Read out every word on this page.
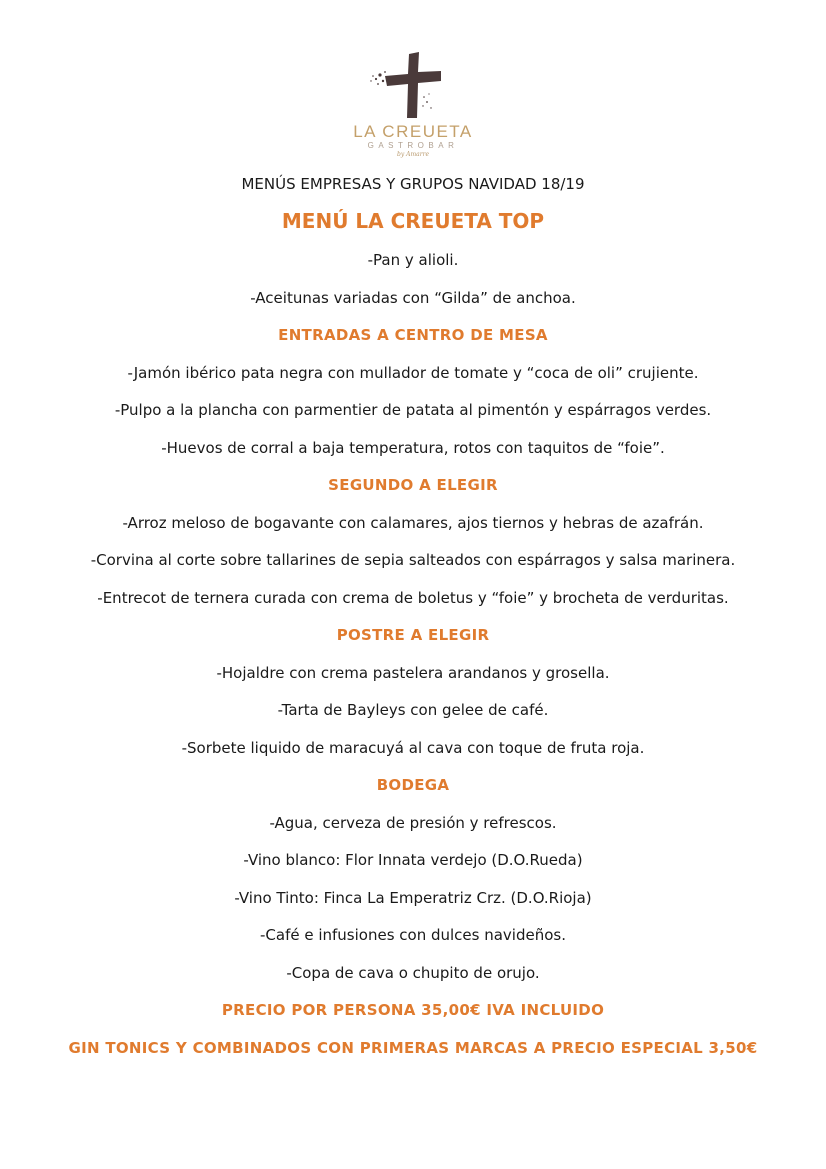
LA CREUETA
GASTROBAR
by Amarre
MENÚS EMPRESAS Y GRUPOS NAVIDAD 18/19
MENÚ LA CREUETA TOP
-Pan y alioli.
-Aceitunas variadas con “Gilda” de anchoa.
ENTRADAS A CENTRO DE MESA
-Jamón ibérico pata negra con mullador de tomate y “coca de oli” crujiente.
-Pulpo a la plancha con parmentier de patata al pimentón y espárragos verdes.
-Huevos de corral a baja temperatura, rotos con taquitos de “foie”.
SEGUNDO A ELEGIR
-Arroz meloso de bogavante con calamares, ajos tiernos y hebras de azafrán.
-Corvina al corte sobre tallarines de sepia salteados con espárragos y salsa marinera.
-Entrecot de ternera curada con crema de boletus y “foie” y brocheta de verduritas.
POSTRE A ELEGIR
-Hojaldre con crema pastelera arandanos y grosella.
-Tarta de Bayleys con gelee de café.
-Sorbete liquido de maracuyá al cava con toque de fruta roja.
BODEGA
-Agua, cerveza de presión y refrescos.
-Vino blanco: Flor Innata verdejo (D.O.Rueda)
-Vino Tinto: Finca La Emperatriz Crz. (D.O.Rioja)
-Café e infusiones con dulces navideños.
-Copa de cava o chupito de orujo.
PRECIO POR PERSONA 35,00€ IVA INCLUIDO
GIN TONICS Y COMBINADOS CON PRIMERAS MARCAS A PRECIO ESPECIAL 3,50€
